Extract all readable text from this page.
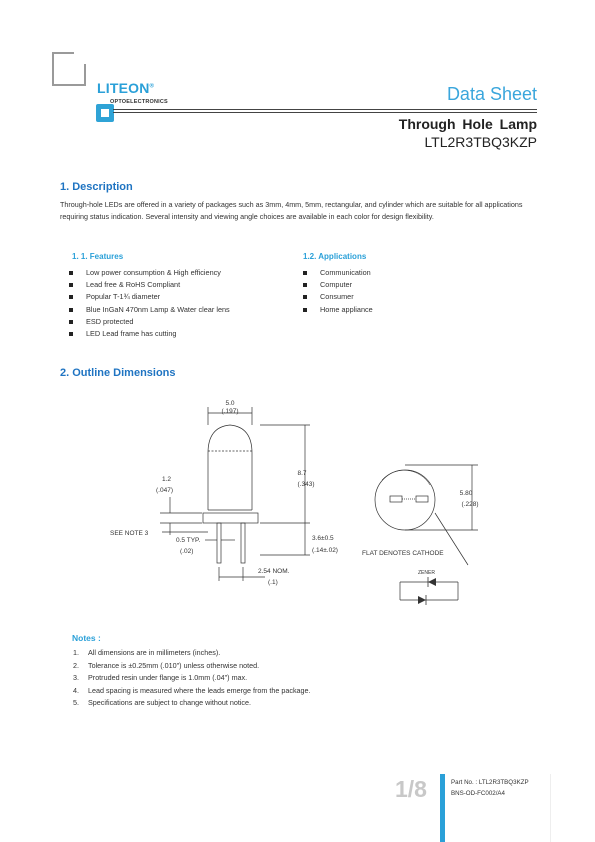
LITEON®
OPTOELECTRONICS	Data Sheet
Through Hole Lamp
LTL2R3TBQ3KZP
1. Description
Through-hole LEDs are offered in a variety of packages such as 3mm, 4mm, 5mm, rectangular, and cylinder which are suitable for all applications requiring status indication. Several intensity and viewing angle choices are available in each color for design flexibility.
1. 1. Features
Low power consumption & High efficiency
Lead free & RoHS Compliant
Popular T-1¾ diameter
Blue InGaN 470nm Lamp & Water clear lens
ESD protected
LED Lead frame has cutting
1.2. Applications
Communication
Computer
Consumer
Home appliance
2. Outline Dimensions
5.0
(.197)
1.2
(.047)
8.7
(.343)
3.6±0.5
(.14±.02)
SEE NOTE 3
0.5 TYP.
(.02)
2.54 NOM.
(.1)
5.80
(.228)
FLAT DENOTES CATHODE
ZENER
Notes :
1. All dimensions are in millimeters (inches).
2. Tolerance is ±0.25mm (.010") unless otherwise noted.
3. Protruded resin under flange is 1.0mm (.04") max.
4. Lead spacing is measured where the leads emerge from the package.
5. Specifications are subject to change without notice.
1/8	Part No. : LTL2R3TBQ3KZP
BNS-OD-FC002/A4
